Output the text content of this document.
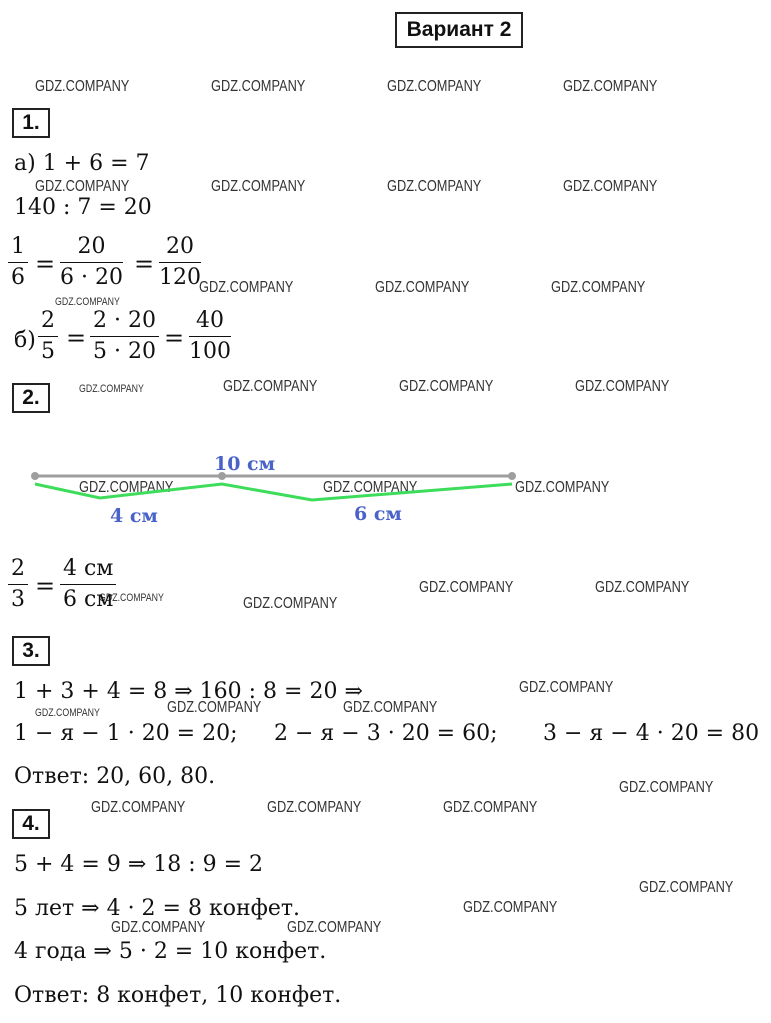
Вариант 2
GDZ.COMPANY	GDZ.COMPANY	GDZ.COMPANY	GDZ.COMPANY
GDZ.COMPANY	GDZ.COMPANY	GDZ.COMPANY	GDZ.COMPANY
GDZ.COMPANY	GDZ.COMPANY	GDZ.COMPANY
GDZ.COMPANY
GDZ.COMPANY	GDZ.COMPANY	GDZ.COMPANY	GDZ.COMPANY
GDZ.COMPANY	GDZ.COMPANY	GDZ.COMPANY
GDZ.COMPANY	GDZ.COMPANY
GDZ.COMPANY	GDZ.COMPANY
GDZ.COMPANY
GDZ.COMPANY	GDZ.COMPANY	GDZ.COMPANY
GDZ.COMPANY
GDZ.COMPANY	GDZ.COMPANY	GDZ.COMPANY
GDZ.COMPANY
GDZ.COMPANY
GDZ.COMPANY	GDZ.COMPANY
1.
а) 1 + 6 = 7
140 : 7 = 20
$\frac{1}{6} = \frac{20}{6 \cdot 20} = \frac{20}{120}$
$б) \frac{2}{5} = \frac{2 \cdot 20}{5 \cdot 20} = \frac{40}{100}$
2.
10 см
4 см	6 см
$\frac{2}{3}$ =
4 см
6 см
3.
1 + 3 + 4 = 8 ⇒ 160 : 8 = 20 ⇒
1 − я − 1 · 20 = 20; 2 − я − 3 · 20 = 60; 3 − я − 4 · 20 = 80
Ответ: 20, 60, 80.
4.
5 + 4 = 9 ⇒ 18 : 9 = 2
5 лет ⇒ 4 · 2 = 8 конфет.
4 года ⇒ 5 · 2 = 10 конфет.
Ответ: 8 конфет, 10 конфет.
